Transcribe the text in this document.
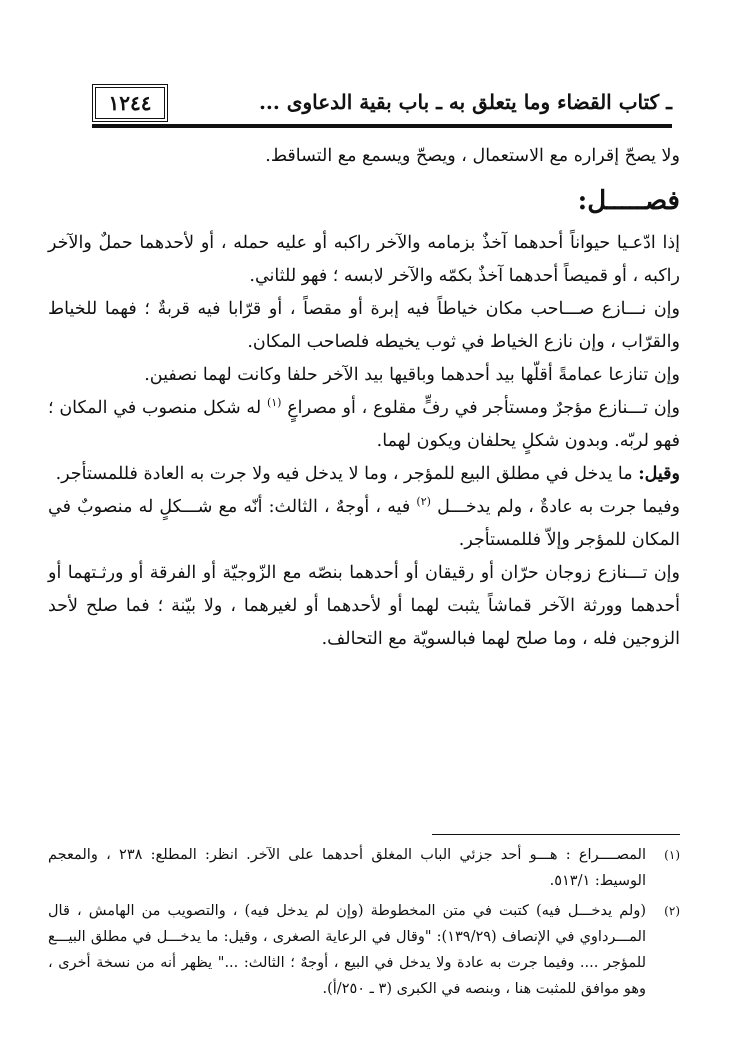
١٢٤٤	ـ كتاب القضاء وما يتعلق به ـ باب بقية الدعاوى ...

ولا يصحّ إقراره مع الاستعمال ، ويصحّ ويسمع مع التساقط.

فصـــــل:

إذا ادّعـيا حيواناً أحدهما آخذٌ بزمامه والآخر راكبه أو عليه حمله ، أو لأحدهما حملٌ والآخر راكبه ، أو قميصاً أحدهما آخذٌ بكمّه والآخر لابسه ؛ فهو للثاني.

وإن نـــازع صـــاحب مكان خياطاً فيه إبرة أو مقصاً ، أو قرّابا فيه قربةٌ ؛ فهما للخياط والقرّاب ، وإن نازع الخياط في ثوب يخيطه فلصاحب المكان.

وإن تنازعا عمامةً أقلّها بيد أحدهما وباقيها بيد الآخر حلفا وكانت لهما نصفين.

وإن تـــنازع مؤجرٌ ومستأجر في رفٍّ مقلوع ، أو مصراعٍ $^{(١)}$ له شكل منصوب في المكان ؛ فهو لربّه. وبدون شكلٍ يحلفان ويكون لهما.

وقيل: ما يدخل في مطلق البيع للمؤجر ، وما لا يدخل فيه ولا جرت به العادة فللمستأجر.

وفيما جرت به عادةٌ ، ولم يدخـــل $^{(٢)}$ فيه ، أوجهٌ ، الثالث: أنّه مع شـــكلٍ له منصوبٌ في المكان للمؤجر وإلاّ فللمستأجر.

وإن تـــنازع زوجان حرّان أو رقيقان أو أحدهما بنصّه مع الزّوجيّة أو الفرقة أو ورثـتهما أو أحدهما وورثة الآخر قماشاً يثبت لهما أو لأحدهما أو لغيرهما ، ولا بيّنة ؛ فما صلح لأحد الزوجين فله ، وما صلح لهما فبالسويّة مع التحالف.

(١)
المصــــراع : هـــو أحد جزئي الباب المغلق أحدهما على الآخر. انظر: المطلع: ٢٣٨ ، والمعجم الوسيط: ٥١٣/١.
(٢)
(ولم يدخـــل فيه) كتبت في متن المخطوطة (وإن لم يدخل فيه) ، والتصويب من الهامش ، قال المـــرداوي في الإنصاف (١٣٩/٢٩): "وقال في الرعاية الصغرى ، وقيل: ما يدخـــل في مطلق البيـــع للمؤجر .... وفيما جرت به عادة ولا يدخل في البيع ، أوجهٌ ؛ الثالث: ..." يظهر أنه من نسخة أخرى ، وهو موافق للمثبت هنا ، وبنصه في الكبرى (٣ ـ ٢٥٠/أ).
